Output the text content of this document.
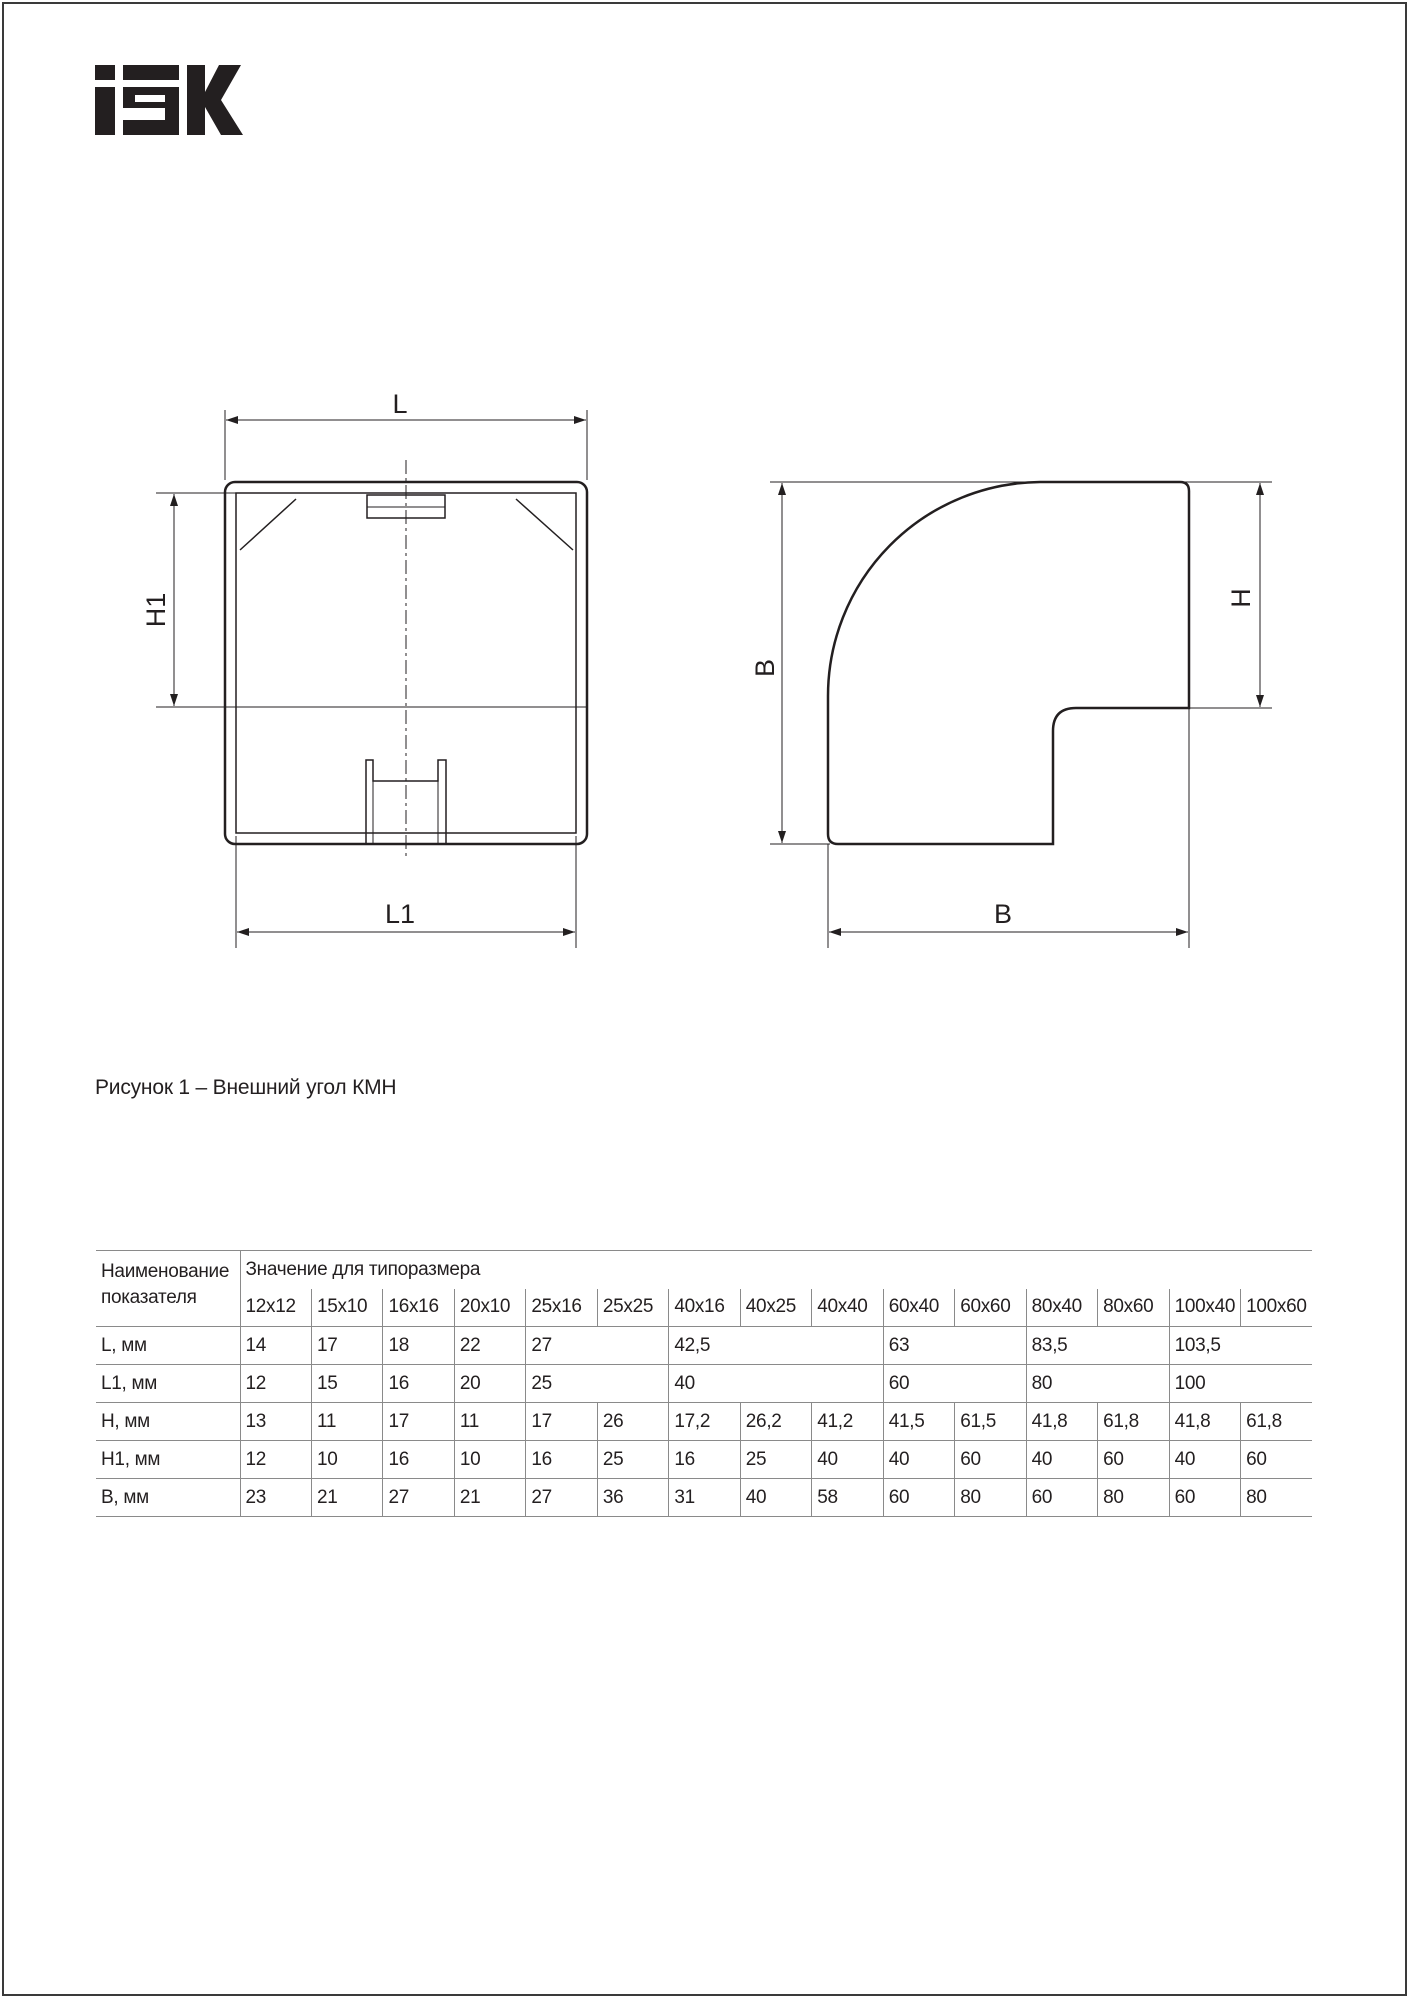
L
L1
H1
B
B
H
Рисунок 1 – Внешний угол КМН
Наименование показателя	Значение для типоразмера														
	12x12	15x10	16x16	20x10	25x16	25x25	40x16	40x25	40x40	60x40	60x60	80x40	80x60	100x40	100x60
L, мм	14	17	18	22	27		42,5			63		83,5		103,5	
L1, мм	12	15	16	20	25		40			60		80		100	
H, мм	13	11	17	11	17	26	17,2	26,2	41,2	41,5	61,5	41,8	61,8	41,8	61,8
H1, мм	12	10	16	10	16	25	16	25	40	40	60	40	60	40	60
B, мм	23	21	27	21	27	36	31	40	58	60	80	60	80	60	80
